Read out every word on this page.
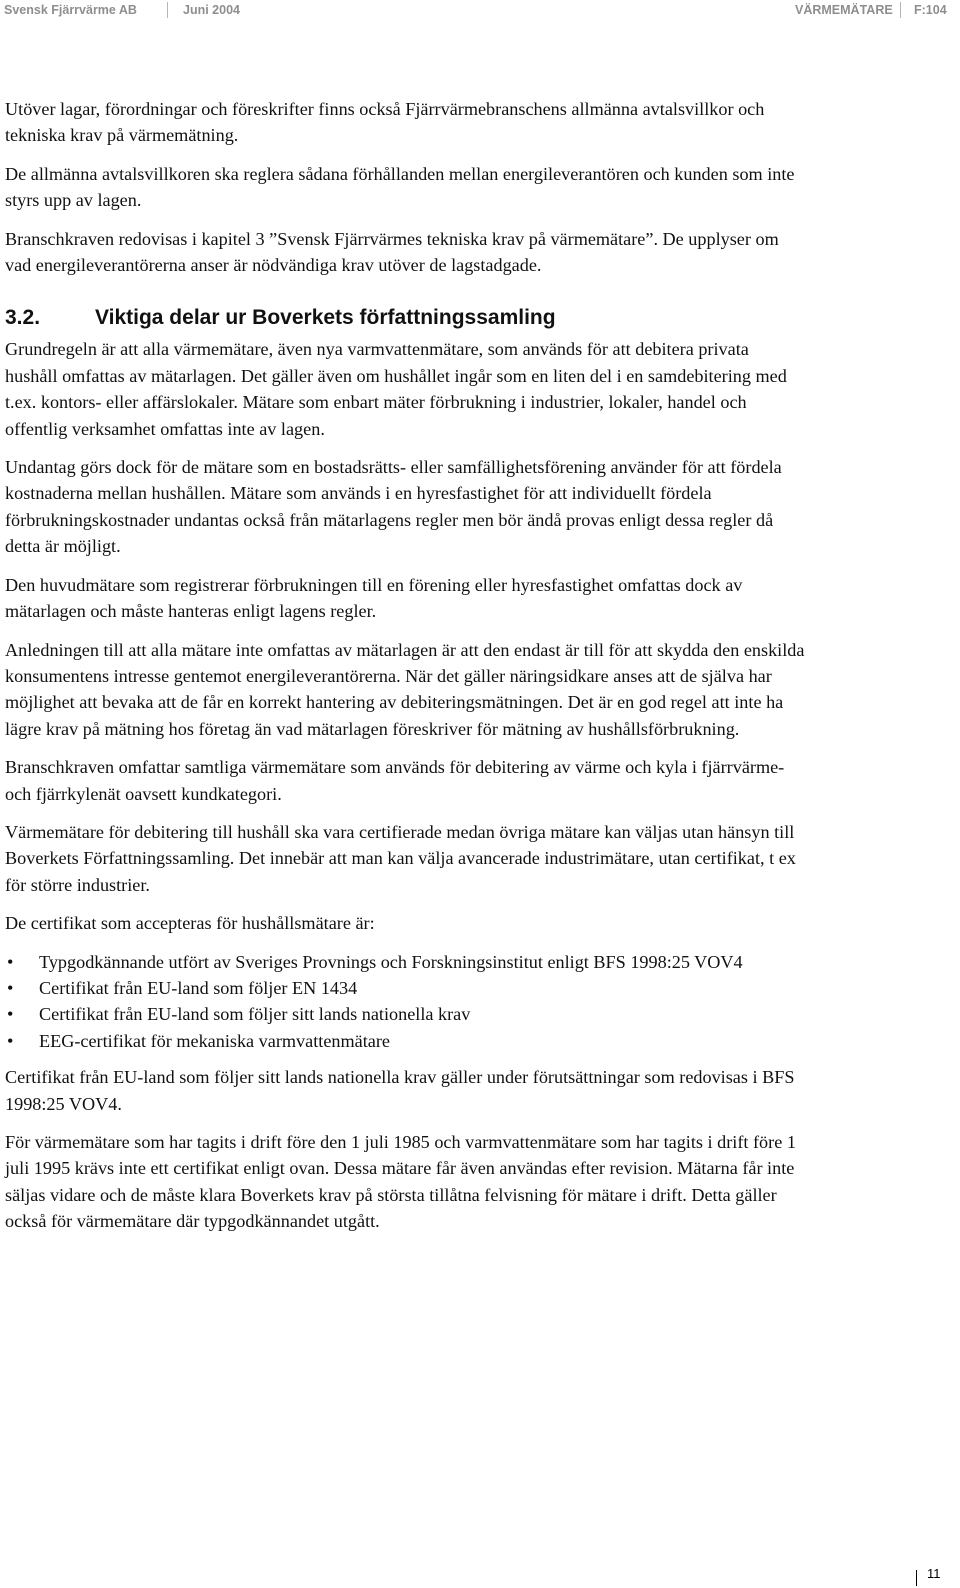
Svensk Fjärrvärme AB	Juni 2004	VÄRMEMÄTARE F:104

Utöver lagar, förordningar och föreskrifter finns också Fjärrvärmebranschens allmänna avtalsvillkor och tekniska krav på värmemätning.

De allmänna avtalsvillkoren ska reglera sådana förhållanden mellan energileverantören och kunden som inte styrs upp av lagen.

Branschkraven redovisas i kapitel 3 ”Svensk Fjärrvärmes tekniska krav på värmemätare”. De upplyser om vad energileverantörerna anser är nödvändiga krav utöver de lagstadgade.

3.2.	Viktiga delar ur Boverkets författningssamling

Grundregeln är att alla värmemätare, även nya varmvattenmätare, som används för att debitera privata hushåll omfattas av mätarlagen. Det gäller även om hushållet ingår som en liten del i en samdebitering med t.ex. kontors- eller affärslokaler. Mätare som enbart mäter förbrukning i industrier, lokaler, handel och offentlig verksamhet omfattas inte av lagen.

Undantag görs dock för de mätare som en bostadsrätts- eller samfällighetsförening använder för att fördela kostnaderna mellan hushållen. Mätare som används i en hyresfastighet för att individuellt fördela förbrukningskostnader undantas också från mätarlagens regler men bör ändå provas enligt dessa regler då detta är möjligt.

Den huvudmätare som registrerar förbrukningen till en förening eller hyresfastighet omfattas dock av mätarlagen och måste hanteras enligt lagens regler.

Anledningen till att alla mätare inte omfattas av mätarlagen är att den endast är till för att skydda den enskilda konsumentens intresse gentemot energileverantörerna. När det gäller näringsidkare anses att de själva har möjlighet att bevaka att de får en korrekt hantering av debiteringsmätningen. Det är en god regel att inte ha lägre krav på mätning hos företag än vad mätarlagen föreskriver för mätning av hushållsförbrukning.

Branschkraven omfattar samtliga värmemätare som används för debitering av värme och kyla i fjärrvärme- och fjärrkylenät oavsett kundkategori.

Värmemätare för debitering till hushåll ska vara certifierade medan övriga mätare kan väljas utan hänsyn till Boverkets Författningssamling. Det innebär att man kan välja avancerade industrimätare, utan certifikat, t ex för större industrier.

De certifikat som accepteras för hushållsmätare är:

• Typgodkännande utfört av Sveriges Provnings och Forskningsinstitut enligt BFS 1998:25 VOV4
• Certifikat från EU-land som följer EN 1434
• Certifikat från EU-land som följer sitt lands nationella krav
• EEG-certifikat för mekaniska varmvattenmätare

Certifikat från EU-land som följer sitt lands nationella krav gäller under förutsättningar som redovisas i BFS 1998:25 VOV4.

För värmemätare som har tagits i drift före den 1 juli 1985 och varmvattenmätare som har tagits i drift före 1 juli 1995 krävs inte ett certifikat enligt ovan. Dessa mätare får även användas efter revision. Mätarna får inte säljas vidare och de måste klara Boverkets krav på största tillåtna felvisning för mätare i drift. Detta gäller också för värmemätare där typgodkännandet utgått.

11
